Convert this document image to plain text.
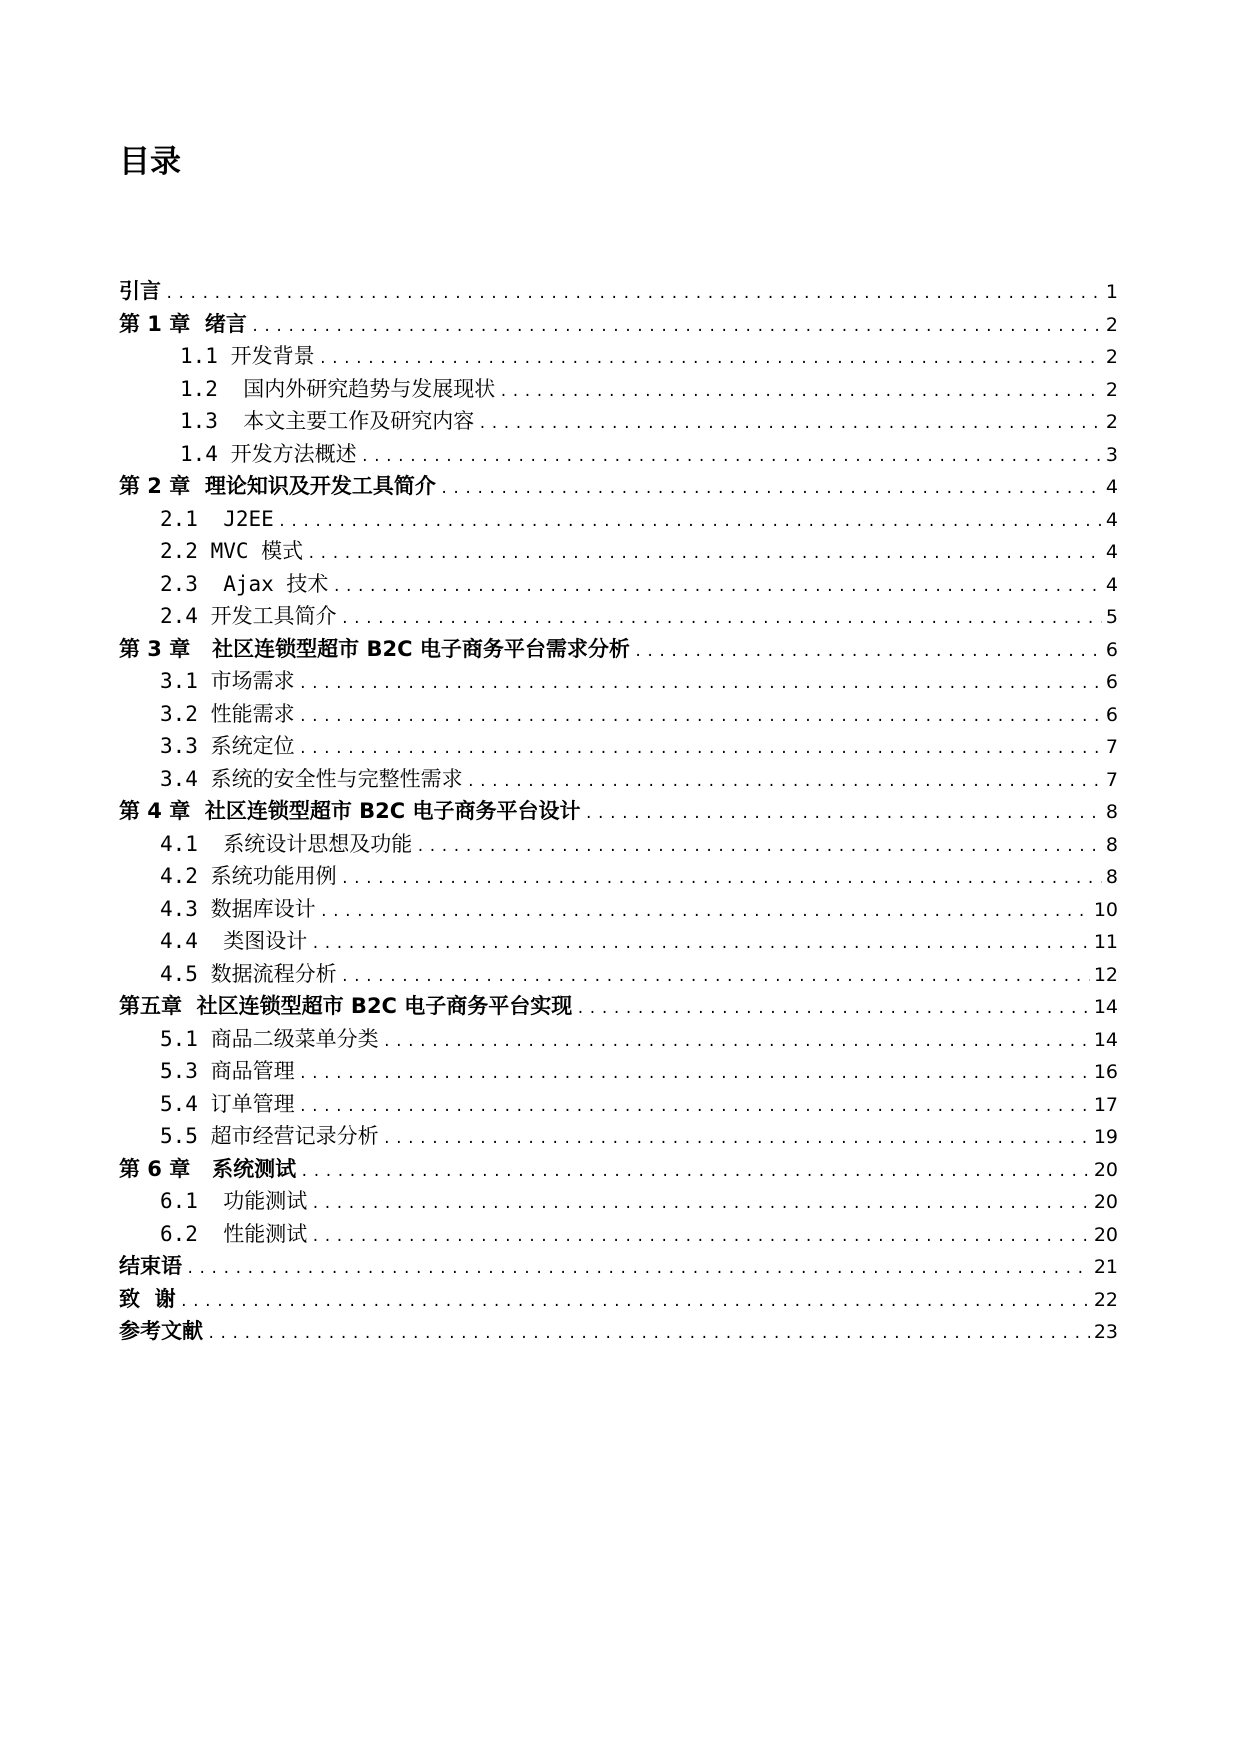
目录
引言 .....	1
第 1 章  绪言 .....	2
1.1 开发背景 .....	2
1.2  国内外研究趋势与发展现状 .....	2
1.3  本文主要工作及研究内容 .....	2
1.4 开发方法概述 .....	3
第 2 章  理论知识及开发工具简介 .....	4
2.1  J2EE .....	4
2.2 MVC 模式 .....	4
2.3  Ajax 技术 .....	4
2.4 开发工具简介 .....	5
第 3 章   社区连锁型超市 B2C 电子商务平台需求分析 .....	6
3.1 市场需求 .....	6
3.2 性能需求 .....	6
3.3 系统定位 .....	7
3.4 系统的安全性与完整性需求 .....	7
第 4 章  社区连锁型超市 B2C 电子商务平台设计 .....	8
4.1  系统设计思想及功能 .....	8
4.2 系统功能用例 .....	8
4.3 数据库设计 .....	10
4.4  类图设计 .....	11
4.5 数据流程分析 .....	12
第五章  社区连锁型超市 B2C 电子商务平台实现 .....	14
5.1 商品二级菜单分类 .....	14
5.3 商品管理 .....	16
5.4 订单管理 .....	17
5.5 超市经营记录分析 .....	19
第 6 章   系统测试 .....	20
6.1  功能测试 .....	20
6.2  性能测试 .....	20
结束语 .....	21
致  谢 .....	22
参考文献 .....	23
